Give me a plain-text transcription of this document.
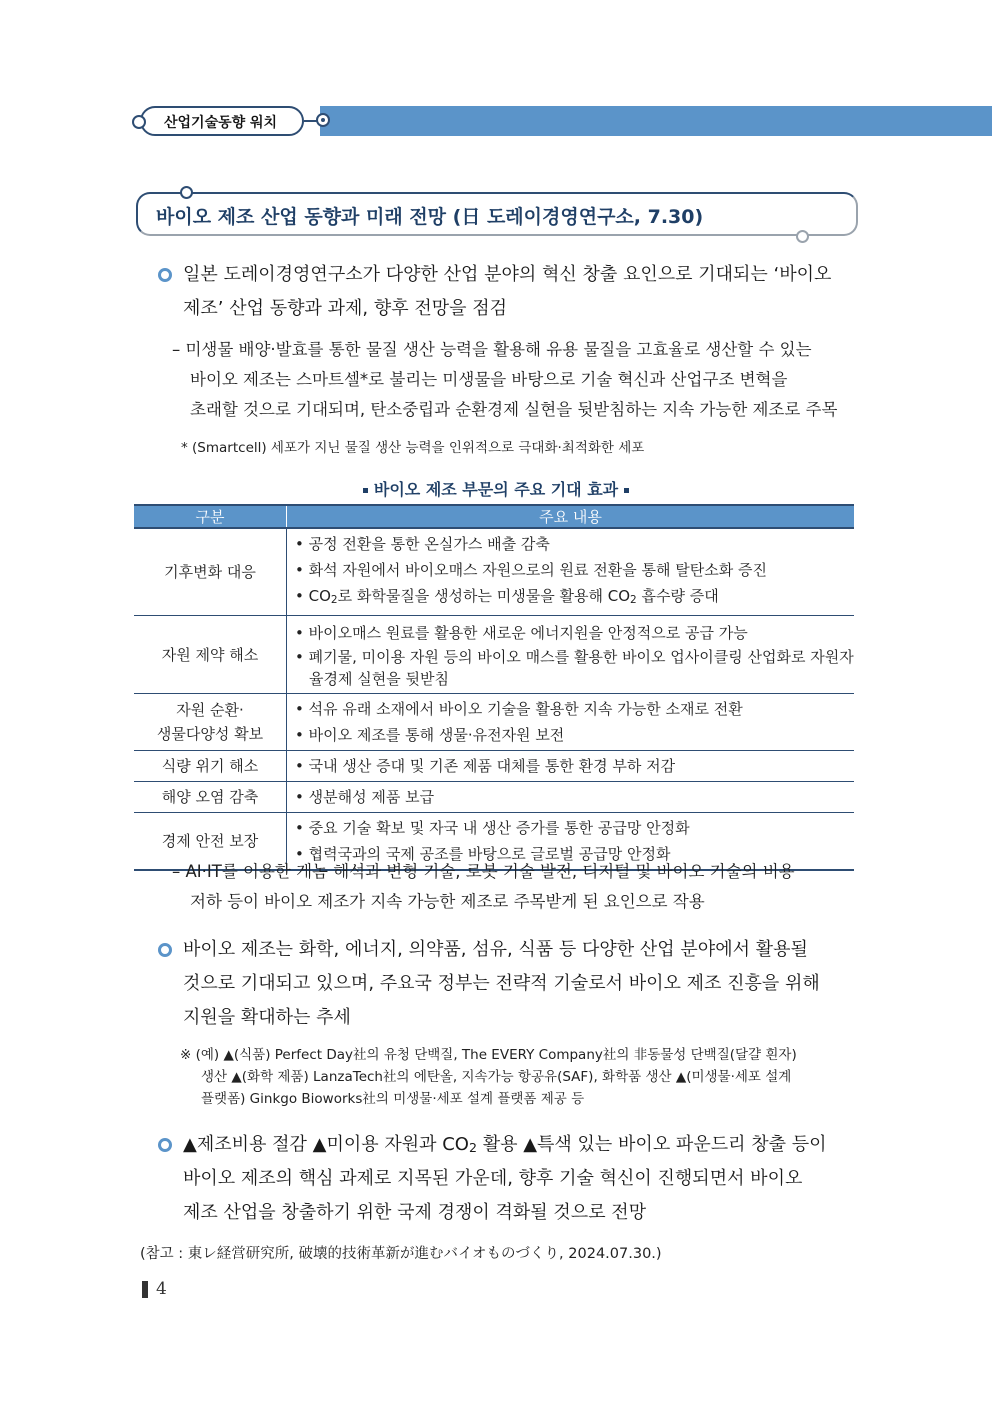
산업기술동향 워치
바이오 제조 산업 동향과 미래 전망 (日 도레이경영연구소, 7.30)
일본 도레이경영연구소가 다양한 산업 분야의 혁신 창출 요인으로 기대되는 ‘바이오
제조’ 산업 동향과 과제, 향후 전망을 점검
– 미생물 배양·발효를 통한 물질 생산 능력을 활용해 유용 물질을 고효율로 생산할 수 있는
바이오 제조는 스마트셀*로 불리는 미생물을 바탕으로 기술 혁신과 산업구조 변혁을
초래할 것으로 기대되며, 탄소중립과 순환경제 실현을 뒷받침하는 지속 가능한 제조로 주목
* (Smartcell) 세포가 지닌 물질 생산 능력을 인위적으로 극대화·최적화한 세포
바이오 제조 부문의 주요 기대 효과
구분	주요 내용
기후변화 대응	• 공정 전환을 통한 온실가스 배출 감축
• 화석 자원에서 바이오매스 자원으로의 원료 전환을 통해 탈탄소화 증진
• $CO_2$로 화학물질을 생성하는 미생물을 활용해 $CO_2$ 흡수량 증대

자원 제약 해소	• 바이오매스 원료를 활용한 새로운 에너지원을 안정적으로 공급 가능
• 폐기물, 미이용 자원 등의 바이오 매스를 활용한 바이오 업사이클링 산업화로 자원자율경제 실현을 뒷받침

자원 순환·
생물다양성 확보	• 석유 유래 소재에서 바이오 기술을 활용한 지속 가능한 소재로 전환
• 바이오 제조를 통해 생물·유전자원 보전

식량 위기 해소	• 국내 생산 증대 및 기존 제품 대체를 통한 환경 부하 저감

해양 오염 감축	• 생분해성 제품 보급

경제 안전 보장	• 중요 기술 확보 및 자국 내 생산 증가를 통한 공급망 안정화
• 협력국과의 국제 공조를 바탕으로 글로벌 공급망 안정화
– AI·IT를 이용한 게놈 해석과 변형 기술, 로봇 기술 발전, 디지털 및 바이오 기술의 비용
저하 등이 바이오 제조가 지속 가능한 제조로 주목받게 된 요인으로 작용
바이오 제조는 화학, 에너지, 의약품, 섬유, 식품 등 다양한 산업 분야에서 활용될
것으로 기대되고 있으며, 주요국 정부는 전략적 기술로서 바이오 제조 진흥을 위해
지원을 확대하는 추세
※ (예) ▲(식품) Perfect Day社의 유청 단백질, The EVERY Company社의 非동물성 단백질(달걀 흰자)
생산 ▲(화학 제품) LanzaTech社의 에탄올, 지속가능 항공유(SAF), 화학품 생산 ▲(미생물·세포 설계
플랫폼) Ginkgo Bioworks社의 미생물·세포 설계 플랫폼 제공 등
▲제조비용 절감 ▲미이용 자원과 $CO_2$ 활용 ▲특색 있는 바이오 파운드리 창출 등이
바이오 제조의 핵심 과제로 지목된 가운데, 향후 기술 혁신이 진행되면서 바이오
제조 산업을 창출하기 위한 국제 경쟁이 격화될 것으로 전망
(참고 : 東レ経営研究所, 破壊的技術革新が進むバイオものづくり, 2024.07.30.)
4
